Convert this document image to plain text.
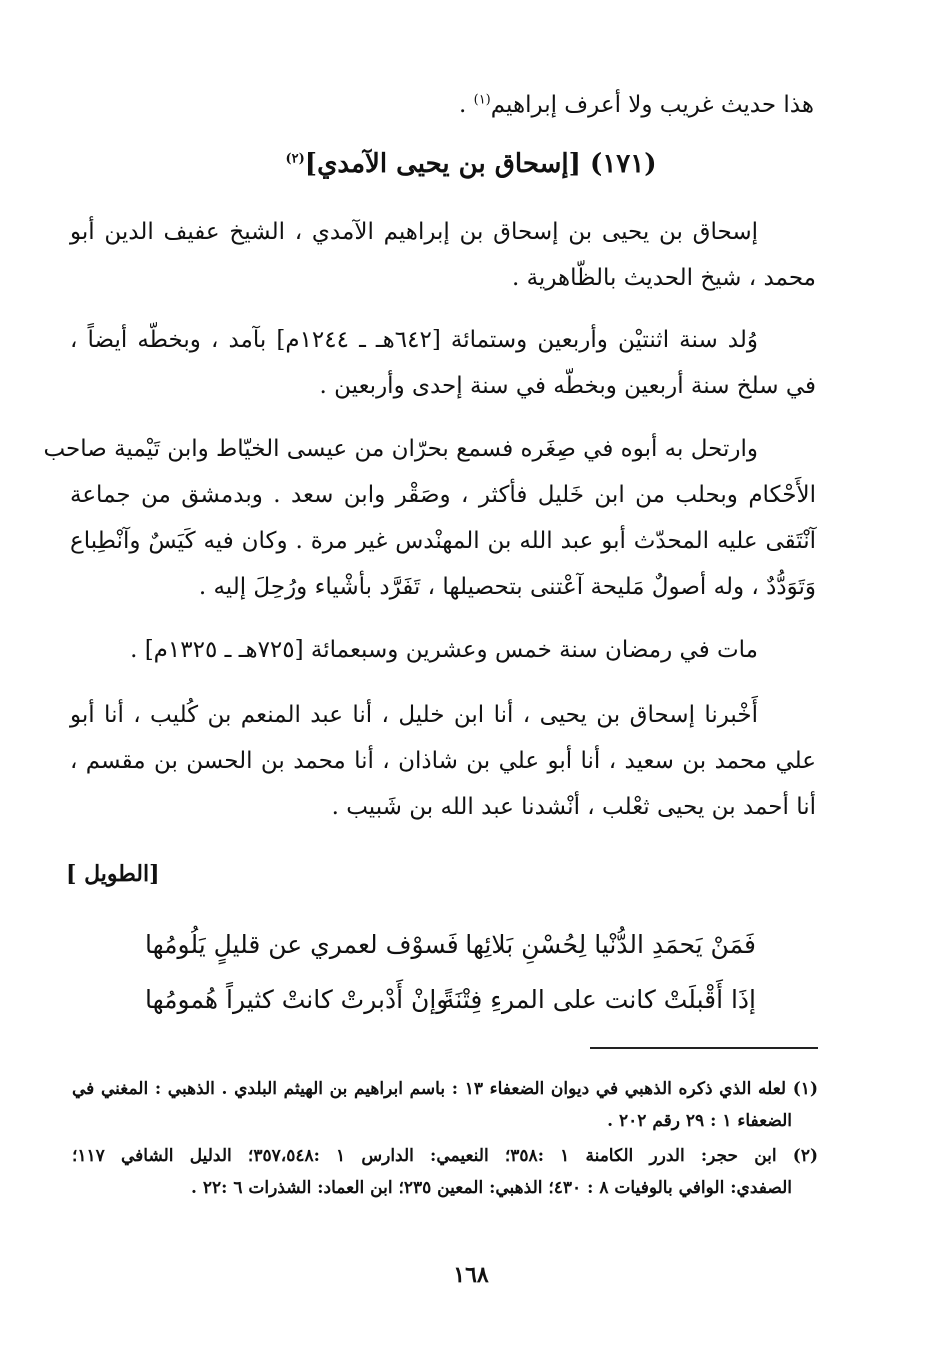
هذا حديث غريب ولا أعرف إبراهيم$^{(١)}$ .
(١٧١) [إسحاق بن يحيى الآمدي]$^{(٢)}$
إسحاق بن يحيى بن إسحاق بن إبراهيم الآمدي ، الشيخ عفيف الدين أبو
محمد ، شيخ الحديث بالظّاهرية .
وُلد سنة اثنتيْن وأربعين وستمائة [٦٤٢هـ ـ ١٢٤٤م] بآمد ، وبخطّه أيضاً ،
في سلخ سنة أربعين وبخطّه في سنة إحدى وأربعين .
وارتحل به أبوه في صِغَره فسمع بحرّان من عيسى الخيّاط وابن تَيْمية صاحب
الأَحْكام وبحلب من ابن خَليل فأكثر ، وصَقْر وابن سعد . وبدمشق من جماعة
آنْتَقى عليه المحدّث أبو عبد الله بن المهنْدس غير مرة . وكان فيه كَيَسٌ وآنْطِباع
وَتَوَدُّدٌ ، وله أصولٌ مَليحة آعْتنى بتحصيلها ، تَفَرَّد بأشْياء ورُحِلَ إليه .
مات في رمضان سنة خمس وعشرين وسبعمائة [٧٢٥هـ ـ ١٣٢٥م] .
أَخْبرنا إسحاق بن يحيى ، أنا ابن خليل ، أنا عبد المنعم بن كُليب ، أنا أبو
علي محمد بن سعيد ، أنا أبو علي بن شاذان ، أنا محمد بن الحسن بن مقسم ،
أنا أحمد بن يحيى ثعْلب ، أنْشدنا عبد الله بن شَبيب .
[ الطويل]
فَمَنْ يَحمَدِ الدُّنْيا لِحُسْنِ بَلائِها
فَسوْف لعمري عن قليلٍ يَلُومُها
إذَا أَقْبلَتْ كانت على المرءِ فِتْنَةً
وإنْ أَدْبرتْ كانتْ كثيراً هُمومُها
(١) لعله الذي ذكره الذهبي في ديوان الضعفاء ١٣ : باسم ابراهيم بن الهيثم البلدي . الذهبي : المغني في
الضعفاء ١ : ٢٩ رقم ٢٠٢ .
(٢) ابن حجر: الدرر الكامنة ١ :٣٥٨؛ النعيمي: الدارس ١ :٣٥٧،٥٤٨؛ الدليل الشافي ١١٧؛
الصفدي: الوافي بالوفيات ٨ : ٤٣٠؛ الذهبي: المعين ٢٣٥؛ ابن العماد: الشذرات ٦ :٢٢ .
١٦٨
